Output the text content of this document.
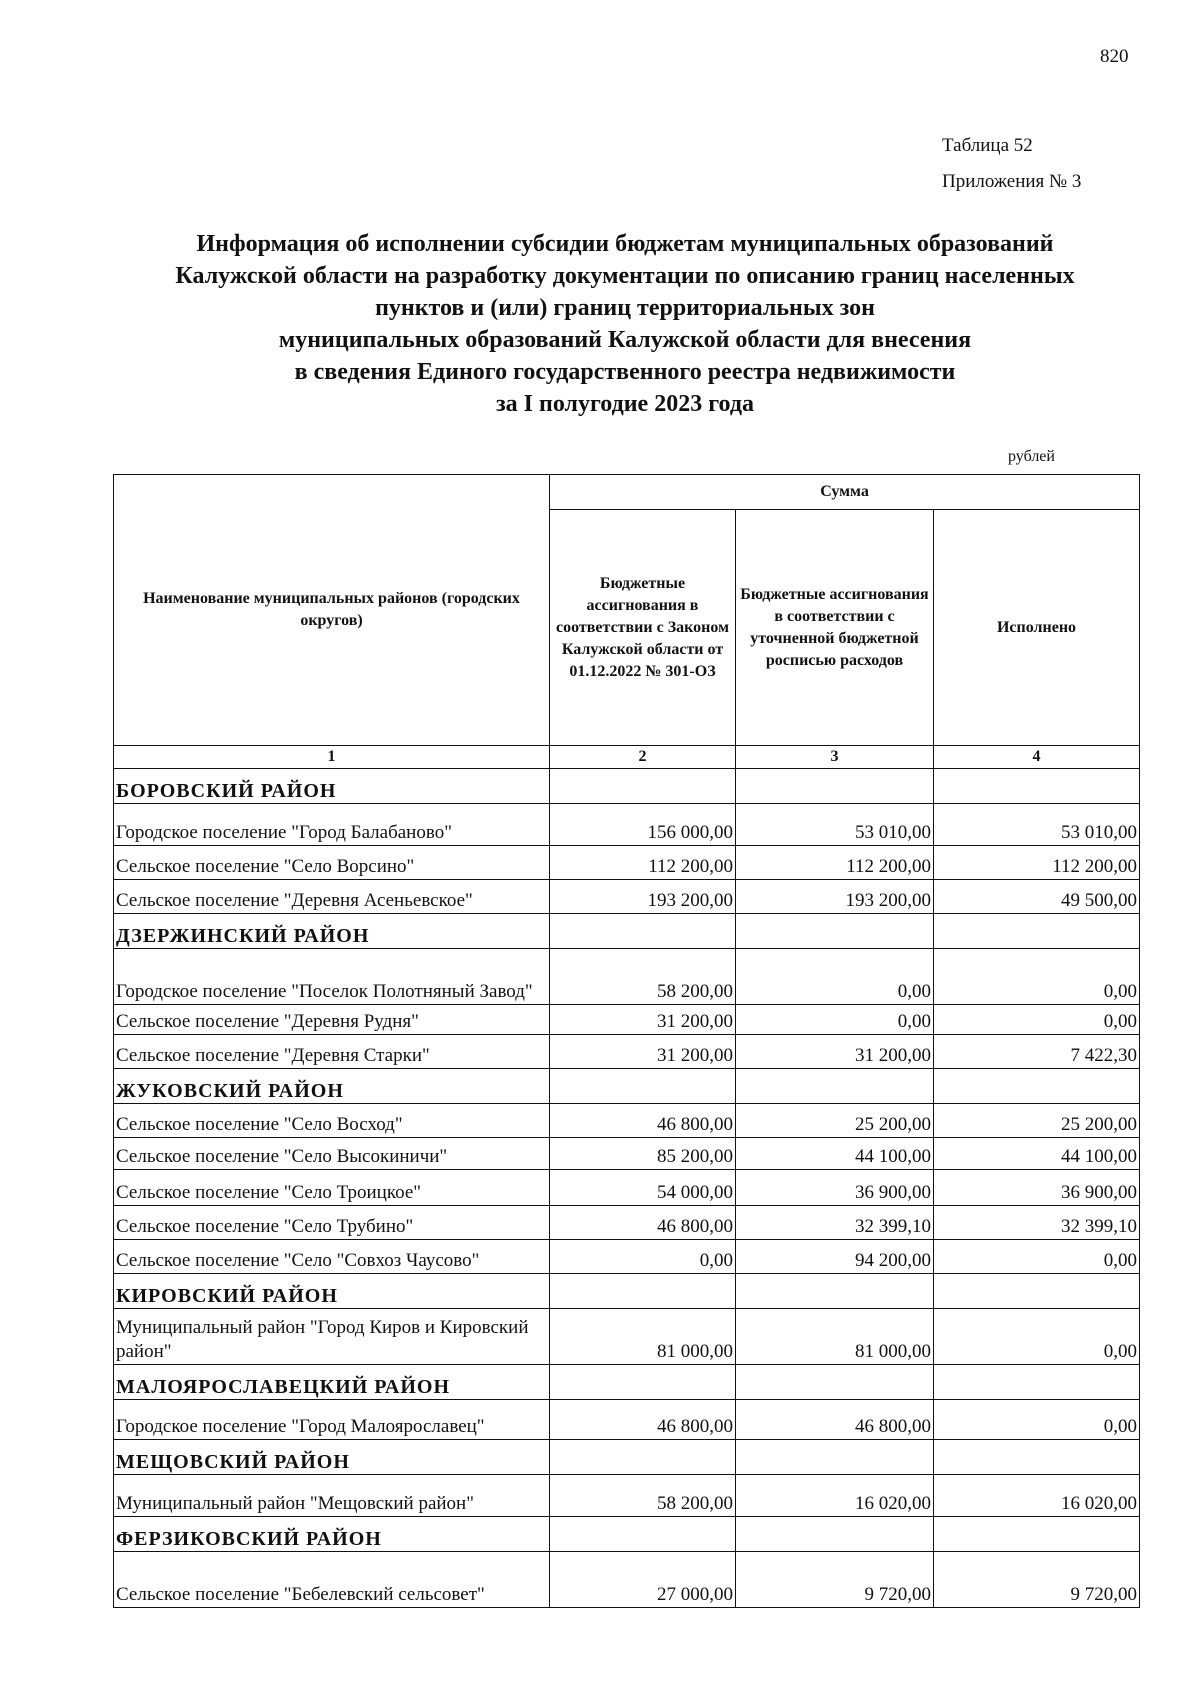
820
Таблица 52
Приложения № 3
Информация об исполнении субсидии бюджетам муниципальных образований
Калужской области на разработку документации по описанию границ населенных
пунктов и (или) границ территориальных зон
муниципальных образований Калужской области для внесения
в сведения Единого государственного реестра недвижимости
за I полугодие 2023 года
рублей
Наименование муниципальных районов (городских округов)	Сумма		
	Бюджетные ассигнования в соответствии с Законом Калужской области от 01.12.2022 № 301-ОЗ	Бюджетные ассигнования в соответствии с уточненной бюджетной росписью расходов	Исполнено
1	2	3	4
БОРОВСКИЙ РАЙОН			
Городское поселение "Город Балабаново"	156 000,00	53 010,00	53 010,00
Сельское поселение "Село Ворсино"	112 200,00	112 200,00	112 200,00
Сельское поселение "Деревня Асеньевское"	193 200,00	193 200,00	49 500,00
ДЗЕРЖИНСКИЙ РАЙОН			
Городское поселение "Поселок Полотняный Завод"	58 200,00	0,00	0,00
Сельское поселение "Деревня Рудня"	31 200,00	0,00	0,00
Сельское поселение "Деревня Старки"	31 200,00	31 200,00	7 422,30
ЖУКОВСКИЙ РАЙОН			
Сельское поселение "Село Восход"	46 800,00	25 200,00	25 200,00
Сельское поселение "Село Высокиничи"	85 200,00	44 100,00	44 100,00
Сельское поселение "Село Троицкое"	54 000,00	36 900,00	36 900,00
Сельское поселение "Село Трубино"	46 800,00	32 399,10	32 399,10
Сельское поселение "Село "Совхоз Чаусово"	0,00	94 200,00	0,00
КИРОВСКИЙ РАЙОН			
Муниципальный район "Город Киров и Кировский район"	81 000,00	81 000,00	0,00
МАЛОЯРОСЛАВЕЦКИЙ РАЙОН			
Городское поселение "Город Малоярославец"	46 800,00	46 800,00	0,00
МЕЩОВСКИЙ РАЙОН			
Муниципальный район "Мещовский район"	58 200,00	16 020,00	16 020,00
ФЕРЗИКОВСКИЙ РАЙОН			
Сельское поселение "Бебелевский сельсовет"	27 000,00	9 720,00	9 720,00
